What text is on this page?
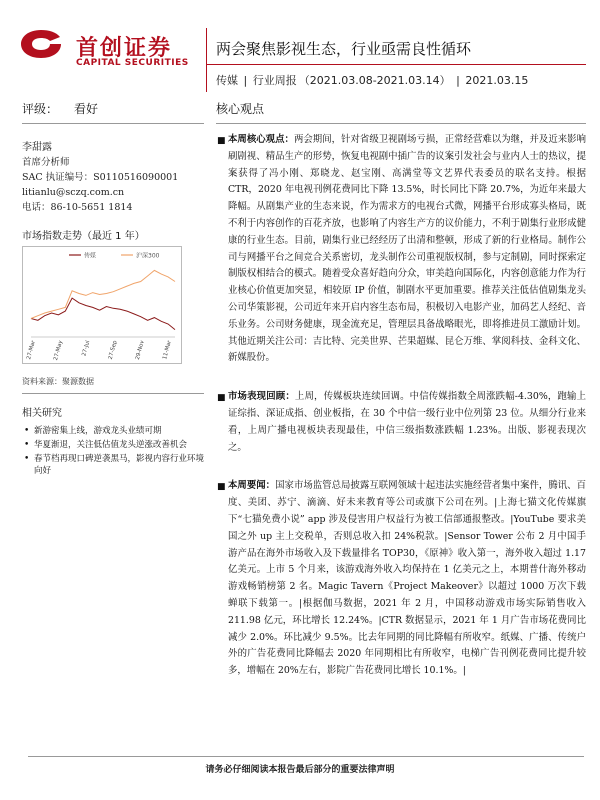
首创证券
CAPITAL SECURITIES
两会聚焦影视生态，行业亟需良性循环
传媒 | 行业周报 （2021.03.08-2021.03.14） | 2021.03.15
评级： 看好
李甜露
首席分析师
SAC 执证编号：S0110516090001
litianlu@sczq.com.cn
电话：86-10-5651 1814
市场指数走势（最近 1 年）
传媒	沪深300
27-Mar	27-May	27-Jul	27-Sep	29-Nov	11-Mar
资料来源：聚源数据
相关研究
• 新游密集上线，游戏龙头业绩可期
• 华夏渐退，关注低估值龙头逆涨改善机会
• 春节档再现口碑逆袭黑马，影视内容行业环境向好
核心观点
■ 本周核心观点：两会期间，针对省级卫视剧场亏损，正常经营难以为继，并及近来影响刷剧视、精品生产的形势，恢复电视剧中插广告的议案引发社会与业内人士的热议，提案获得了冯小刚、郑晓龙、赵宝刚、高满堂等文艺界代表委员的联名支持。根据 CTR，2020 年电视刊例花费同比下降 13.5%，时长同比下降 20.7%，为近年来最大降幅。从剧集产业的生态来说，作为需求方的电视台式微，网播平台形成寡头格局，既不利于内容创作的百花齐放，也影响了内容生产方的议价能力，不利于剧集行业形成健康的行业生态。目前，剧集行业已经经历了出清和整顿，形成了新的行业格局。制作公司与网播平台之间竞合关系密切，龙头制作公司重视版权制，参与定制剧，同时探索定制版权相结合的模式。随着受众喜好趋向分众，审美趋向国际化，内容创意能力作为行业核心价值更加突显，相较原 IP 价值，制剧水平更加重要。推荐关注低估值剧集龙头公司华策影视，公司近年来开启内容生态布局，积极切入电影产业，加码艺人经纪、音乐业务。公司财务健康，现金流充足，管理层具备战略眼光，即将推进员工激励计划。其他近期关注公司：吉比特、完美世界、芒果超媒、昆仑万维、掌阅科技、金科文化、新媒股份。
■ 市场表现回顾：上周，传媒板块连续回调。中信传媒指数全周涨跌幅-4.30%，跑输上证综指、深证成指、创业板指，在 30 个中信一级行业中位列第 23 位。从细分行业来看，上周广播电视板块表现最佳，中信三级指数涨跌幅 1.23%。出版、影视表现次之。
■ 本周要闻：国家市场监管总局披露互联网领域十起违法实施经营者集中案件，腾讯、百度、美团、苏宁、滴滴、好未来教育等公司或旗下公司在列。|上海七猫文化传媒旗下“七猫免费小说” app 涉及侵害用户权益行为被工信部通报整改。|YouTube 要求美国之外 up 主上交税单，否则总收入扣 24%税款。|Sensor Tower 公布 2 月中国手游产品在海外市场收入及下载量排名 TOP30，《原神》收入第一，海外收入超过 1.17 亿美元。上市 5 个月来，该游戏海外收入均保持在 1 亿美元之上，本期普什海外移动游戏畅销榜第 2 名。Magic Tavern《Project Makeover》以超过 1000 万次下载蝉联下载第一。|根据伽马数据，2021 年 2 月，中国移动游戏市场实际销售收入 211.98 亿元，环比增长 12.24%。|CTR 数据显示，2021 年 1 月广告市场花费同比减少 2.0%。环比减少 9.5%。比去年同期的同比降幅有所收窄。纸媒、广播、传统户外的广告花费同比降幅去 2020 年同期相比有所收窄，电梯广告刊例花费同比提升较多，增幅在 20%左右，影院广告花费同比增长 10.1%。|
请务必仔细阅读本报告最后部分的重要法律声明
